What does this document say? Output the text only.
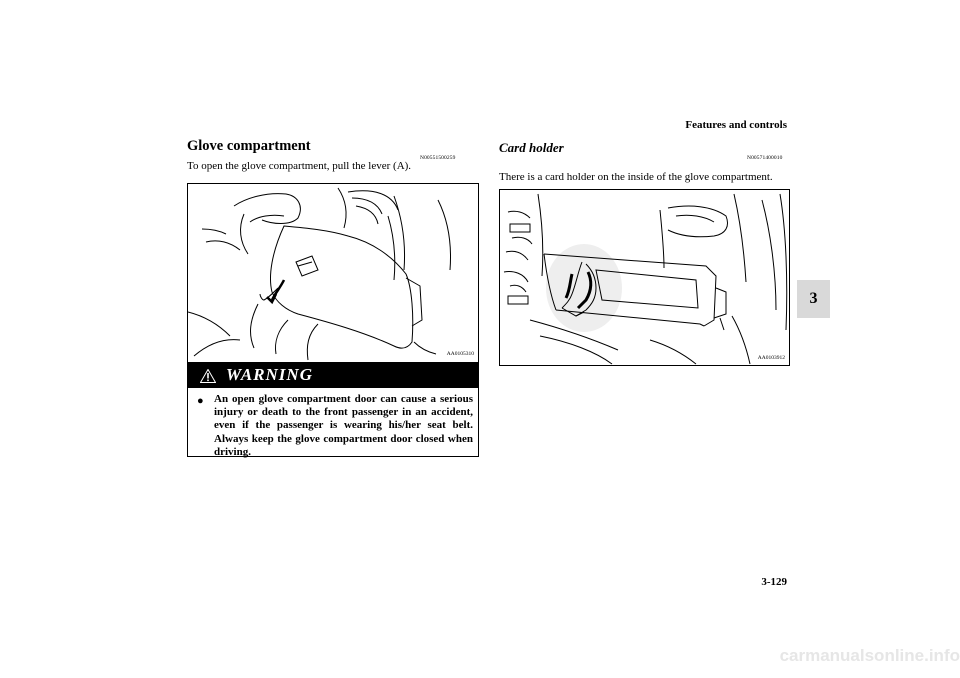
Features and controls
3
Glove compartment
N00551500259
To open the glove compartment, pull the lever (A).
AA0105310
WARNING
● An open glove compartment door can cause a serious injury or death to the front passenger in an accident, even if the passenger is wearing his/her seat belt. Always keep the glove compartment door closed when driving.
Card holder
N00571400010
There is a card holder on the inside of the glove compartment.
AA0103912
3-129
carmanualsonline.info
